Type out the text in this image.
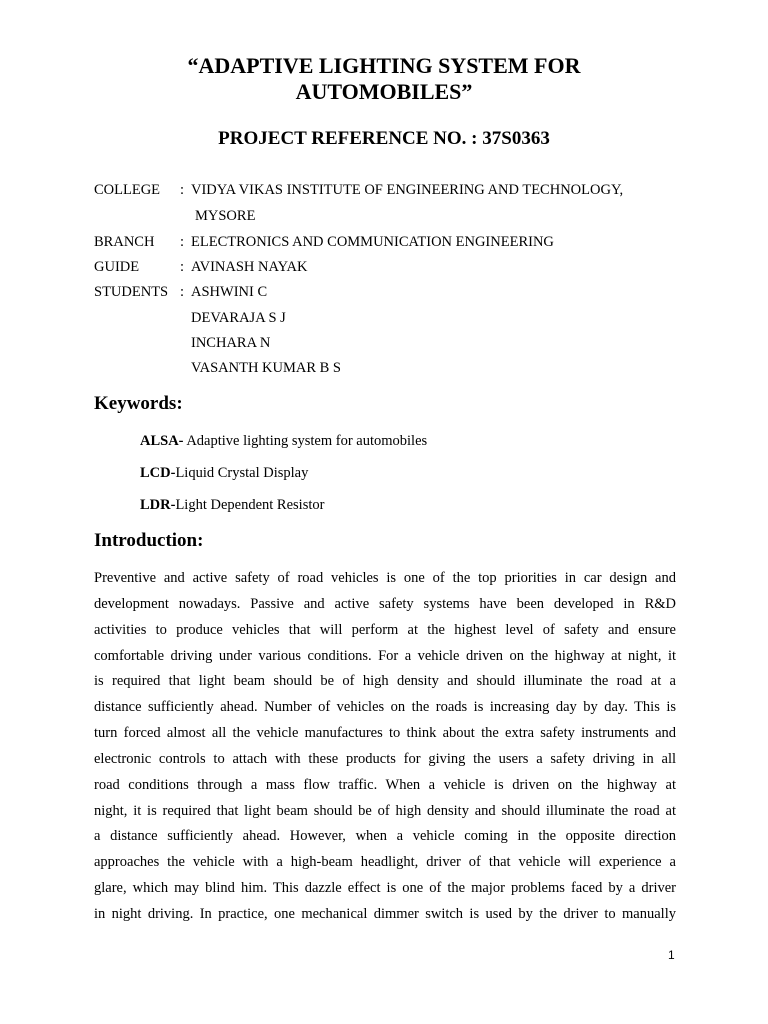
“ADAPTIVE LIGHTING SYSTEM FOR
AUTOMOBILES”
PROJECT REFERENCE NO. : 37S0363
COLLEGE : VIDYA VIKAS INSTITUTE OF ENGINEERING AND TECHNOLOGY,
MYSORE
BRANCH : ELECTRONICS AND COMMUNICATION ENGINEERING
GUIDE	: AVINASH NAYAK
STUDENTS : ASHWINI C
DEVARAJA S J
INCHARA N
VASANTH KUMAR B S
Keywords:
ALSA- Adaptive lighting system for automobiles
LCD-Liquid Crystal Display
LDR-Light Dependent Resistor
Introduction:
Preventive and active safety of road vehicles is one of the top priorities in car design and
development nowadays. Passive and active safety systems have been developed in R&D
activities to produce vehicles that will perform at the highest level of safety and ensure
comfortable driving under various conditions. For a vehicle driven on the highway at night, it
is required that light beam should be of high density and should illuminate the road at a
distance sufficiently ahead. Number of vehicles on the roads is increasing day by day. This is
turn forced almost all the vehicle manufactures to think about the extra safety instruments and
electronic controls to attach with these products for giving the users a safety driving in all
road conditions through a mass flow traffic. When a vehicle is driven on the highway at
night, it is required that light beam should be of high density and should illuminate the road at
a distance sufficiently ahead. However, when a vehicle coming in the opposite direction
approaches the vehicle with a high-beam headlight, driver of that vehicle will experience a
glare, which may blind him. This dazzle effect is one of the major problems faced by a driver
in night driving. In practice, one mechanical dimmer switch is used by the driver to manually
1
